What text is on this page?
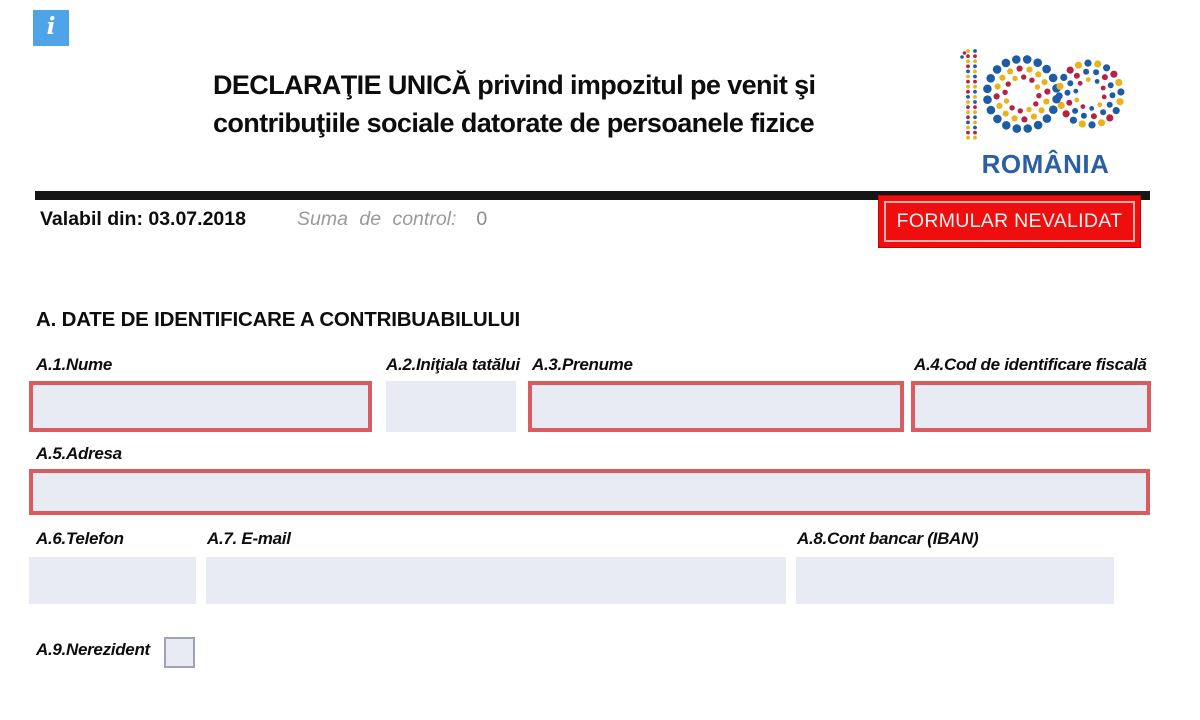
i
DECLARAŢIE UNICĂ privind impozitul pe venit şi
contribuţiile sociale datorate de persoanele fizice
ROMÂNIA
Valabil din: 03.07.2018	Suma de control: 0	FORMULAR NEVALIDAT
A. DATE DE IDENTIFICARE A CONTRIBUABILULUI
A.1.Nume	A.2.Iniţiala tatălui A.3.Prenume	A.4.Cod de identificare fiscală
A.5.Adresa
A.6.Telefon	A.7. E-mail	A.8.Cont bancar (IBAN)
A.9.Nerezident
